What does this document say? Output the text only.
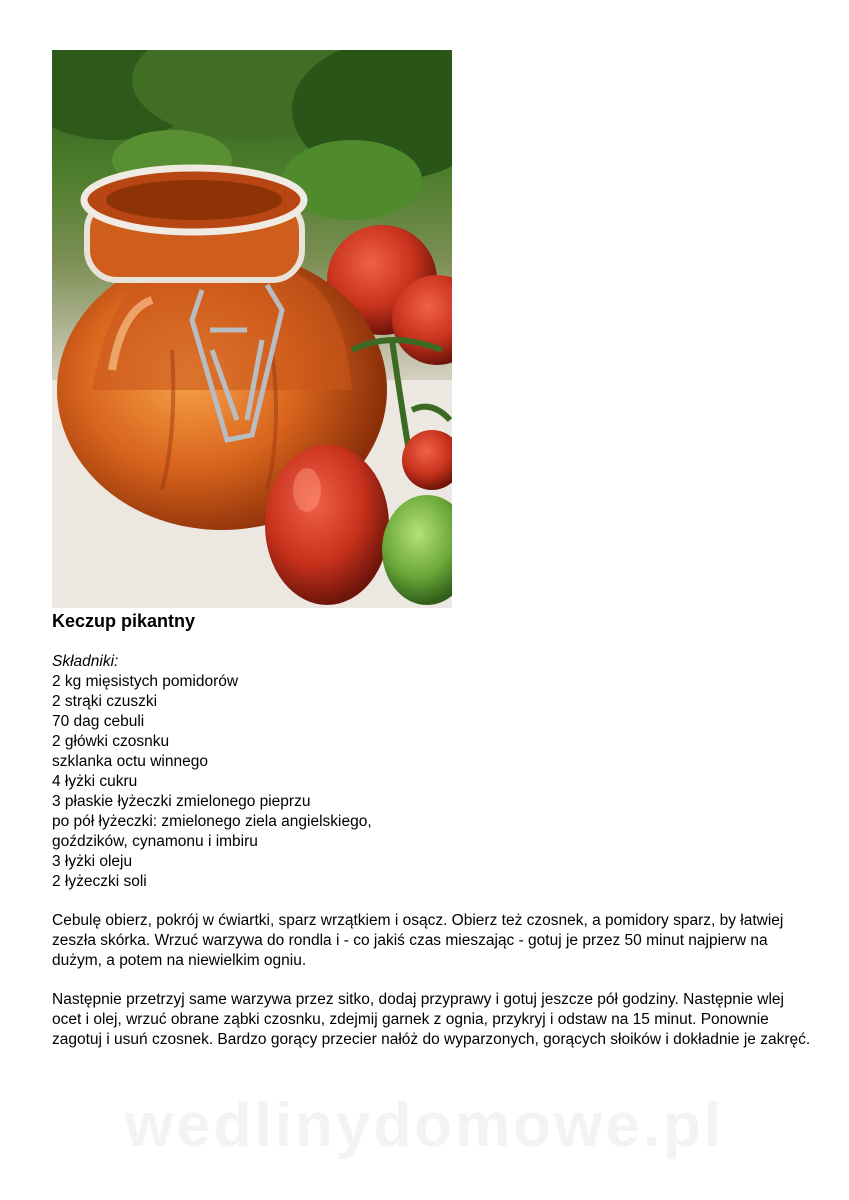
Keczup pikantny
Składniki:
2 kg mięsistych pomidorów
2 strąki czuszki
70 dag cebuli
2 główki czosnku
szklanka octu winnego
4 łyżki cukru
3 płaskie łyżeczki zmielonego pieprzu
po pół łyżeczki: zmielonego ziela angielskiego,
goździków, cynamonu i imbiru
3 łyżki oleju
2 łyżeczki soli

Cebulę obierz, pokrój w ćwiartki, sparz wrzątkiem i osącz. Obierz też czosnek, a pomidory sparz, by łatwiej zeszła skórka. Wrzuć warzywa do rondla i - co jakiś czas mieszając - gotuj je przez 50 minut najpierw na dużym, a potem na niewielkim ogniu.

Następnie przetrzyj same warzywa przez sitko, dodaj przyprawy i gotuj jeszcze pół godziny. Następnie wlej ocet i olej, wrzuć obrane ząbki czosnku, zdejmij garnek z ognia, przykryj i odstaw na 15 minut. Ponownie zagotuj i usuń czosnek. Bardzo gorący przecier nałóż do wyparzonych, gorących słoików i dokładnie je zakręć.

wedlinydomowe.pl
